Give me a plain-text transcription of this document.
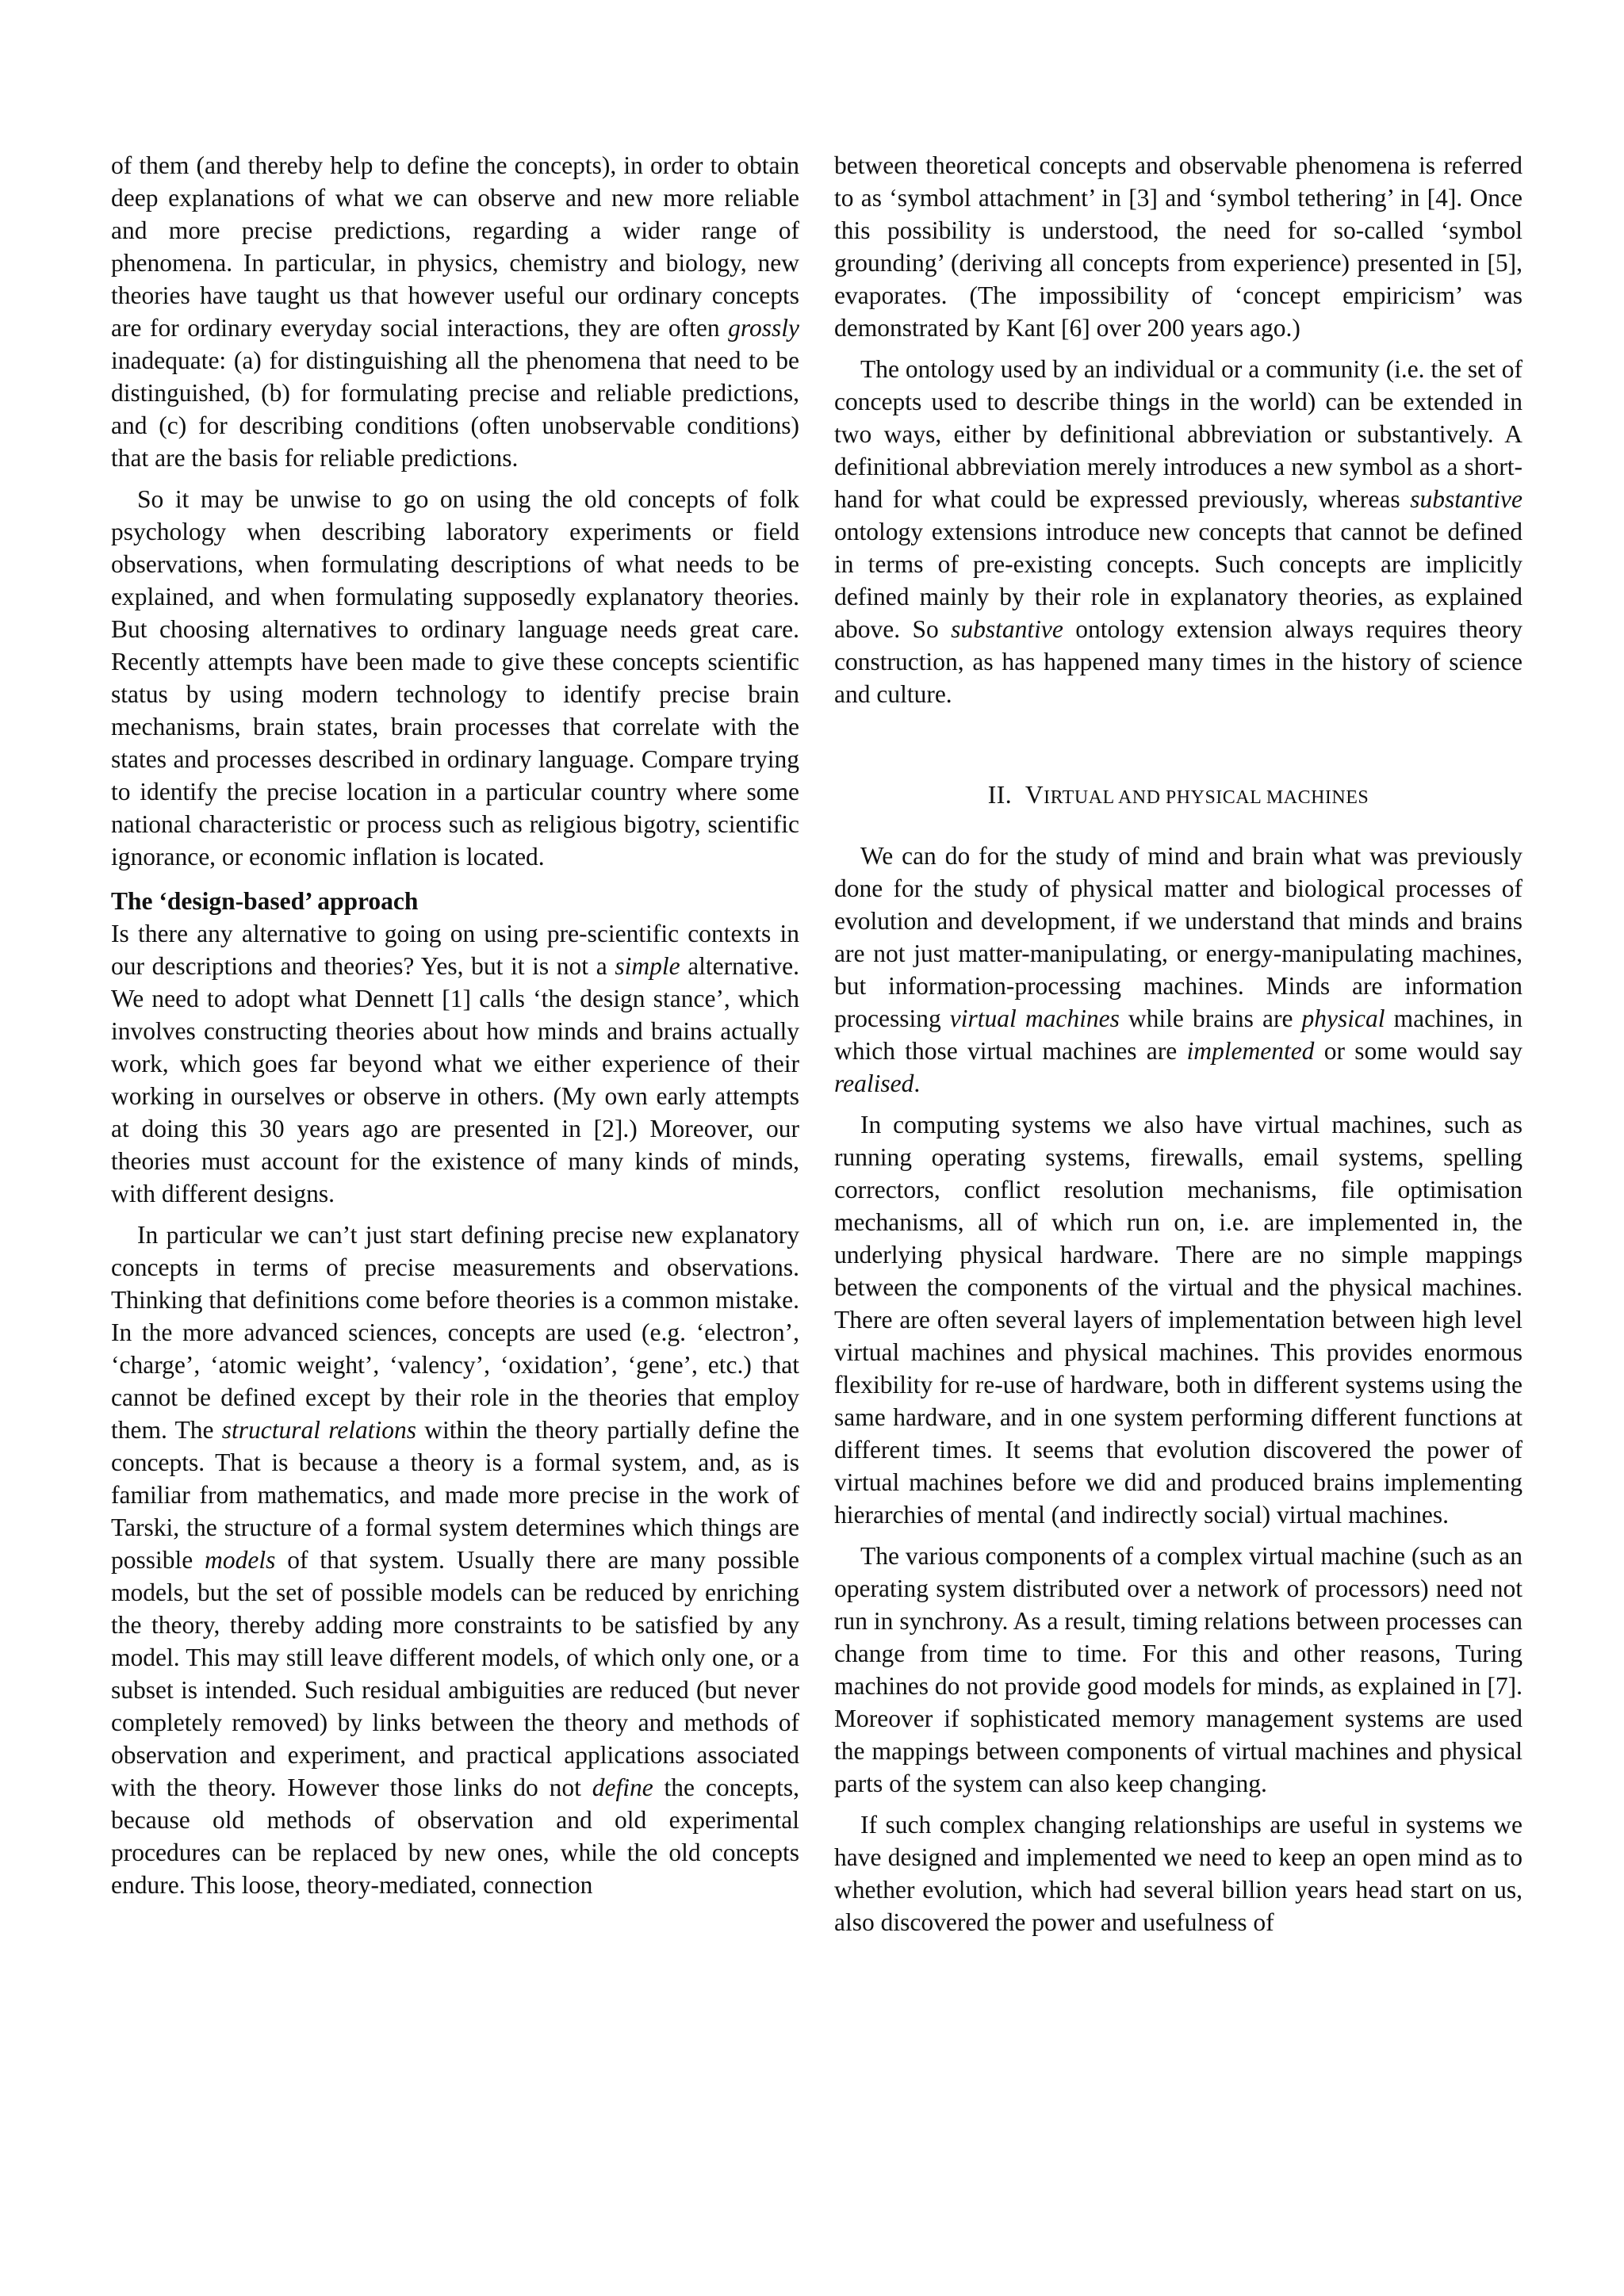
of them (and thereby help to define the concepts), in order to obtain deep explanations of what we can observe and new more reliable and more precise predictions, regarding a wider range of phenomena. In particular, in physics, chemistry and biology, new theories have taught us that however useful our ordinary concepts are for ordinary everyday social interactions, they are often grossly inadequate: (a) for distinguishing all the phenomena that need to be distinguished, (b) for formulating precise and reliable predictions, and (c) for describing conditions (often unobservable conditions) that are the basis for reliable predictions.

So it may be unwise to go on using the old concepts of folk psychology when describing laboratory experiments or field observations, when formulating descriptions of what needs to be explained, and when formulating supposedly explanatory theories. But choosing alternatives to ordinary language needs great care. Recently attempts have been made to give these concepts scientific status by using modern technology to identify precise brain mechanisms, brain states, brain processes that correlate with the states and processes described in ordinary language. Compare trying to identify the precise location in a particular country where some national characteristic or process such as religious bigotry, scientific ignorance, or economic inflation is located.

The ‘design-based’ approach

Is there any alternative to going on using pre-scientific contexts in our descriptions and theories? Yes, but it is not a simple alternative. We need to adopt what Dennett [1] calls ‘the design stance’, which involves constructing theories about how minds and brains actually work, which goes far beyond what we either experience of their working in ourselves or observe in others. (My own early attempts at doing this 30 years ago are presented in [2].) Moreover, our theories must account for the existence of many kinds of minds, with different designs.

In particular we can’t just start defining precise new explanatory concepts in terms of precise measurements and observations. Thinking that definitions come before theories is a common mistake. In the more advanced sciences, concepts are used (e.g. ‘electron’, ‘charge’, ‘atomic weight’, ‘valency’, ‘oxidation’, ‘gene’, etc.) that cannot be defined except by their role in the theories that employ them. The structural relations within the theory partially define the concepts. That is because a theory is a formal system, and, as is familiar from mathematics, and made more precise in the work of Tarski, the structure of a formal system determines which things are possible models of that system. Usually there are many possible models, but the set of possible models can be reduced by enriching the theory, thereby adding more constraints to be satisfied by any model. This may still leave different models, of which only one, or a subset is intended. Such residual ambiguities are reduced (but never completely removed) by links between the theory and methods of observation and experiment, and practical applications associated with the theory. However those links do not define the concepts, because old methods of observation and old experimental procedures can be replaced by new ones, while the old concepts endure. This loose, theory-mediated, connection

between theoretical concepts and observable phenomena is referred to as ‘symbol attachment’ in [3] and ‘symbol tethering’ in [4]. Once this possibility is understood, the need for so-called ‘symbol grounding’ (deriving all concepts from experience) presented in [5], evaporates. (The impossibility of ‘concept empiricism’ was demonstrated by Kant [6] over 200 years ago.)

The ontology used by an individual or a community (i.e. the set of concepts used to describe things in the world) can be extended in two ways, either by definitional abbreviation or substantively. A definitional abbreviation merely introduces a new symbol as a short-hand for what could be expressed previously, whereas substantive ontology extensions introduce new concepts that cannot be defined in terms of pre-existing concepts. Such concepts are implicitly defined mainly by their role in explanatory theories, as explained above. So substantive ontology extension always requires theory construction, as has happened many times in the history of science and culture.

II. VIRTUAL AND PHYSICAL MACHINES

We can do for the study of mind and brain what was previously done for the study of physical matter and biological processes of evolution and development, if we understand that minds and brains are not just matter-manipulating, or energy-manipulating machines, but information-processing machines. Minds are information processing virtual machines while brains are physical machines, in which those virtual machines are implemented or some would say realised.

In computing systems we also have virtual machines, such as running operating systems, firewalls, email systems, spelling correctors, conflict resolution mechanisms, file optimisation mechanisms, all of which run on, i.e. are implemented in, the underlying physical hardware. There are no simple mappings between the components of the virtual and the physical machines. There are often several layers of implementation between high level virtual machines and physical machines. This provides enormous flexibility for re-use of hardware, both in different systems using the same hardware, and in one system performing different functions at different times. It seems that evolution discovered the power of virtual machines before we did and produced brains implementing hierarchies of mental (and indirectly social) virtual machines.

The various components of a complex virtual machine (such as an operating system distributed over a network of processors) need not run in synchrony. As a result, timing relations between processes can change from time to time. For this and other reasons, Turing machines do not provide good models for minds, as explained in [7]. Moreover if sophisticated memory management systems are used the mappings between components of virtual machines and physical parts of the system can also keep changing.

If such complex changing relationships are useful in systems we have designed and implemented we need to keep an open mind as to whether evolution, which had several billion years head start on us, also discovered the power and usefulness of
